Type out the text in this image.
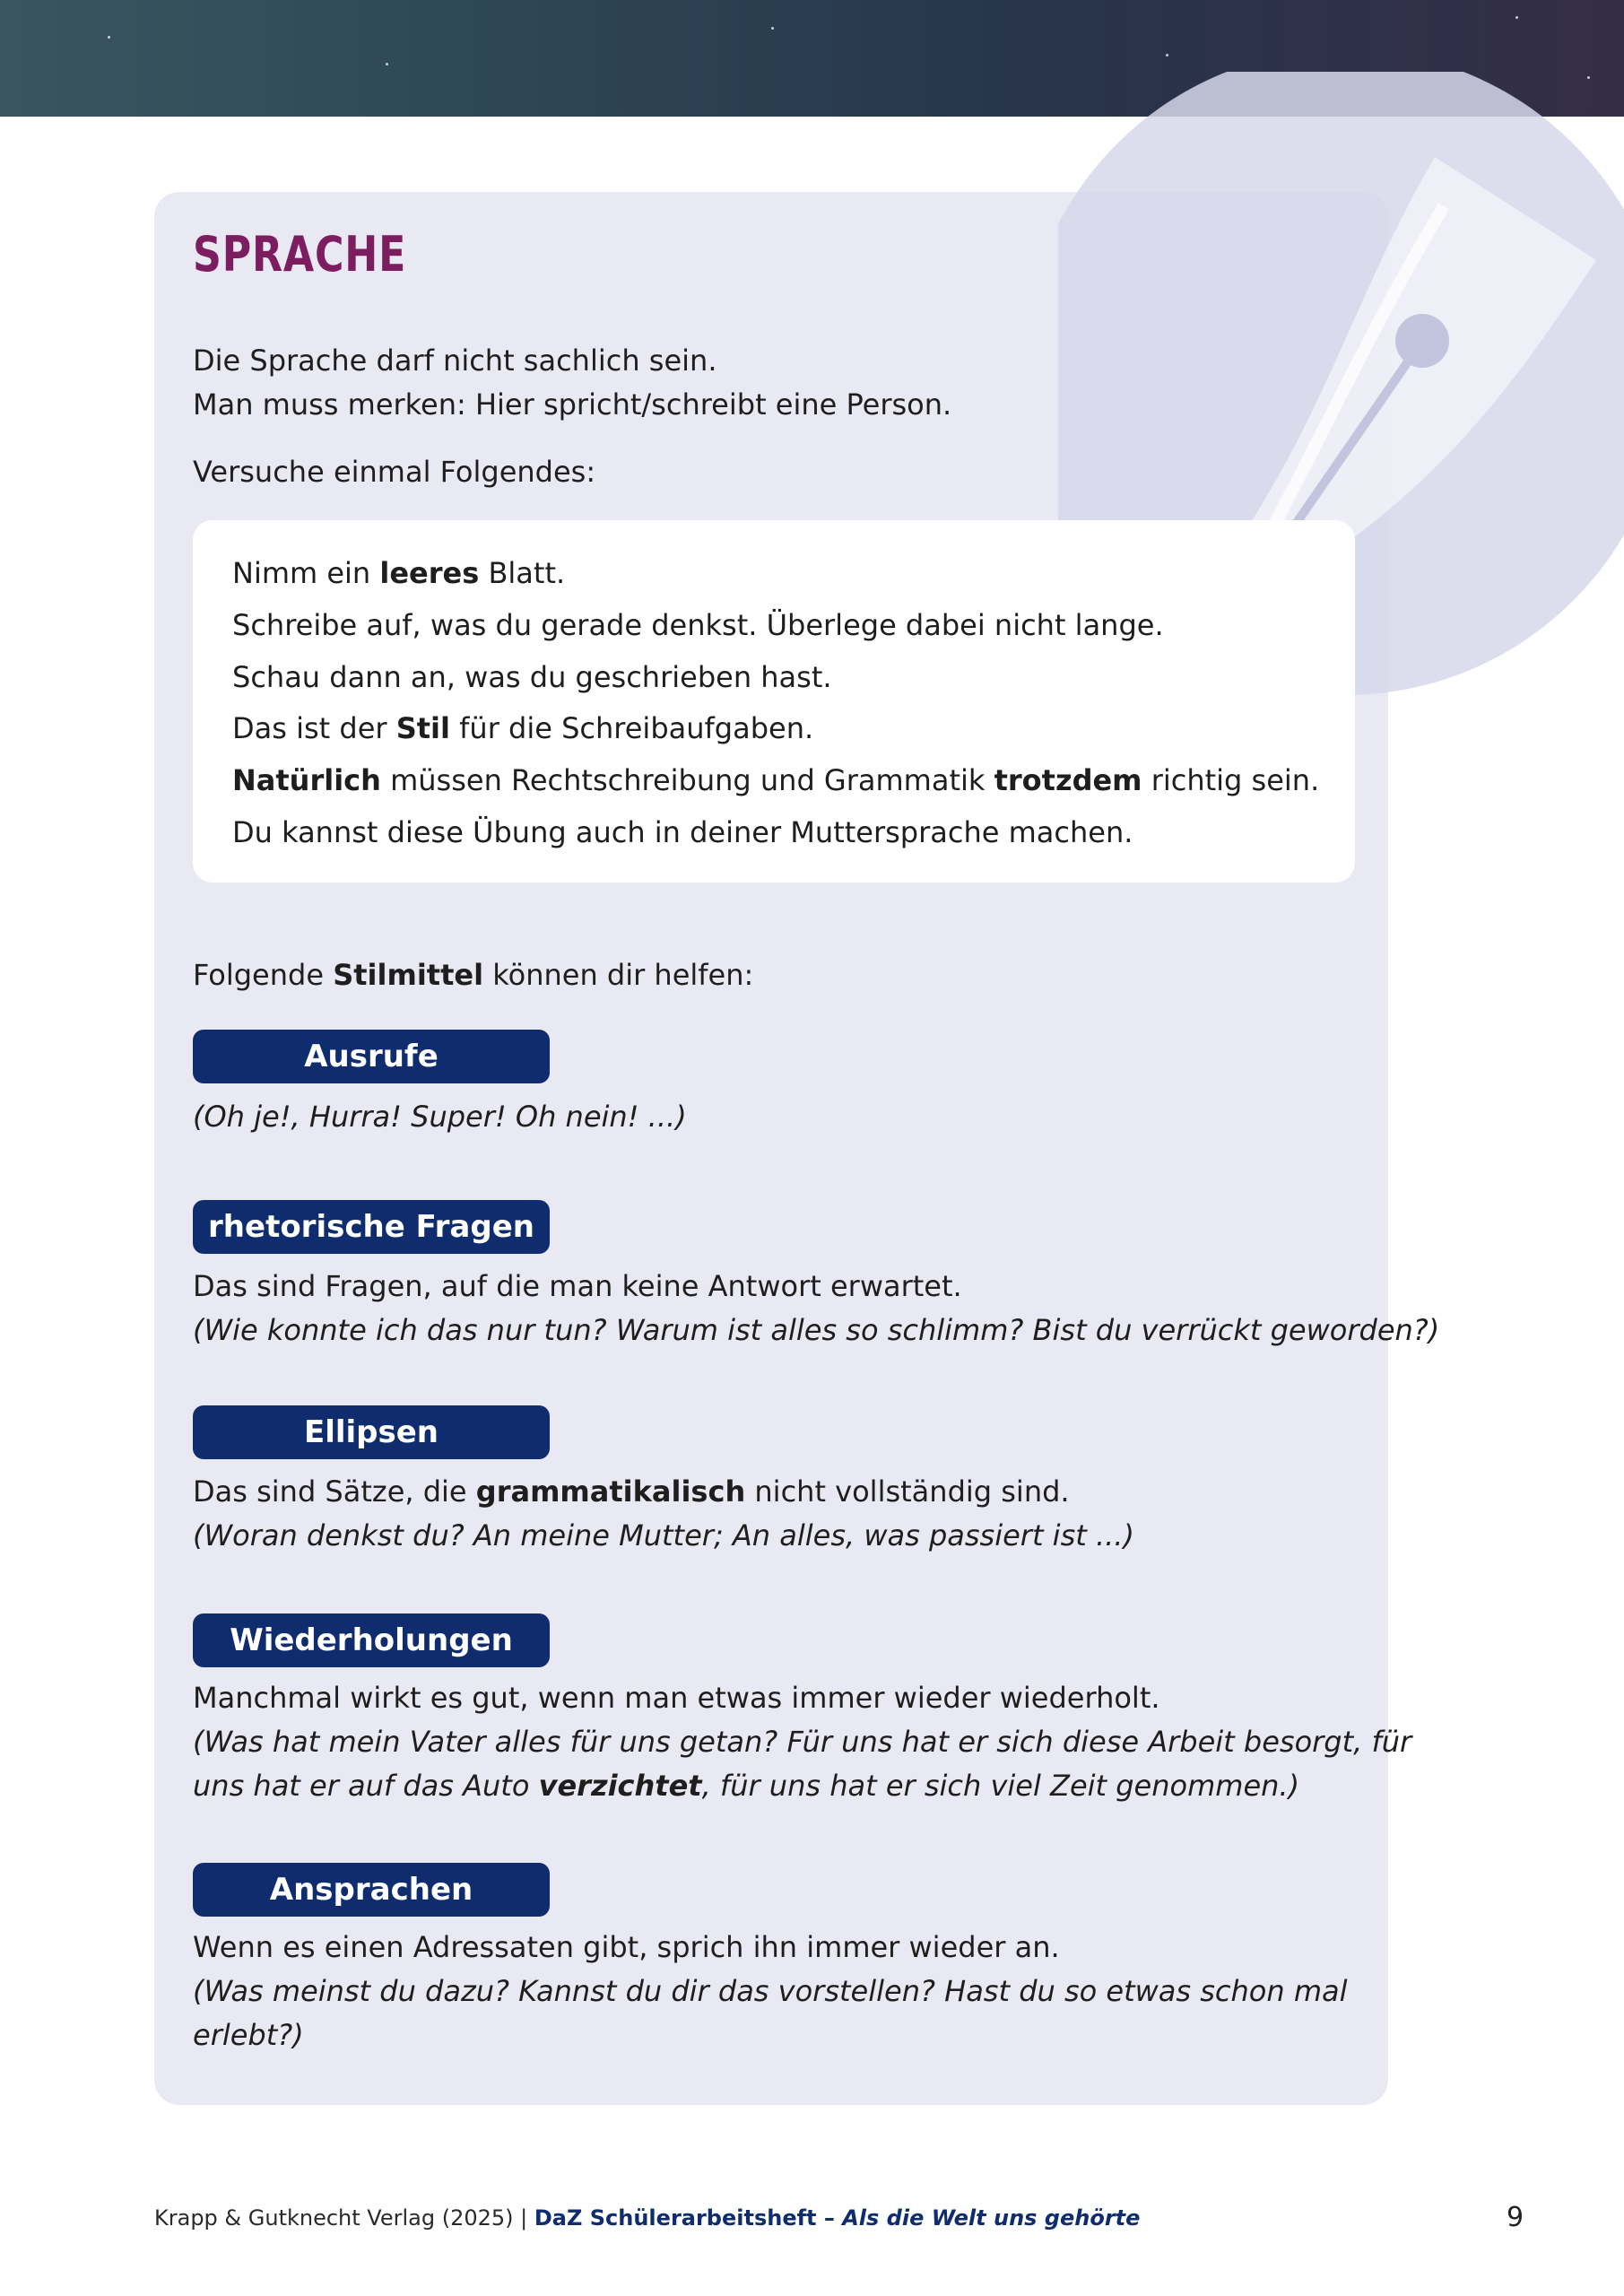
SPRACHE
Die Sprache darf nicht sachlich sein.
Man muss merken: Hier spricht/schreibt eine Person.
Versuche einmal Folgendes:
Nimm ein leeres Blatt.
Schreibe auf, was du gerade denkst. Überlege dabei nicht lange.
Schau dann an, was du geschrieben hast.
Das ist der Stil für die Schreibaufgaben.
Natürlich müssen Rechtschreibung und Grammatik trotzdem richtig sein.
Du kannst diese Übung auch in deiner Muttersprache machen.
Folgende Stilmittel können dir helfen:
Ausrufe
(Oh je!, Hurra! Super! Oh nein! ...)
rhetorische Fragen
Das sind Fragen, auf die man keine Antwort erwartet.
(Wie konnte ich das nur tun? Warum ist alles so schlimm? Bist du verrückt geworden?)
Ellipsen
Das sind Sätze, die grammatikalisch nicht vollständig sind.
(Woran denkst du? An meine Mutter; An alles, was passiert ist ...)
Wiederholungen
Manchmal wirkt es gut, wenn man etwas immer wieder wiederholt.
(Was hat mein Vater alles für uns getan? Für uns hat er sich diese Arbeit besorgt, für
uns hat er auf das Auto verzichtet, für uns hat er sich viel Zeit genommen.)
Ansprachen
Wenn es einen Adressaten gibt, sprich ihn immer wieder an.
(Was meinst du dazu? Kannst du dir das vorstellen? Hast du so etwas schon mal
erlebt?)
Krapp & Gutknecht Verlag (2025) | DaZ Schülerarbeitsheft – Als die Welt uns gehörte	9
